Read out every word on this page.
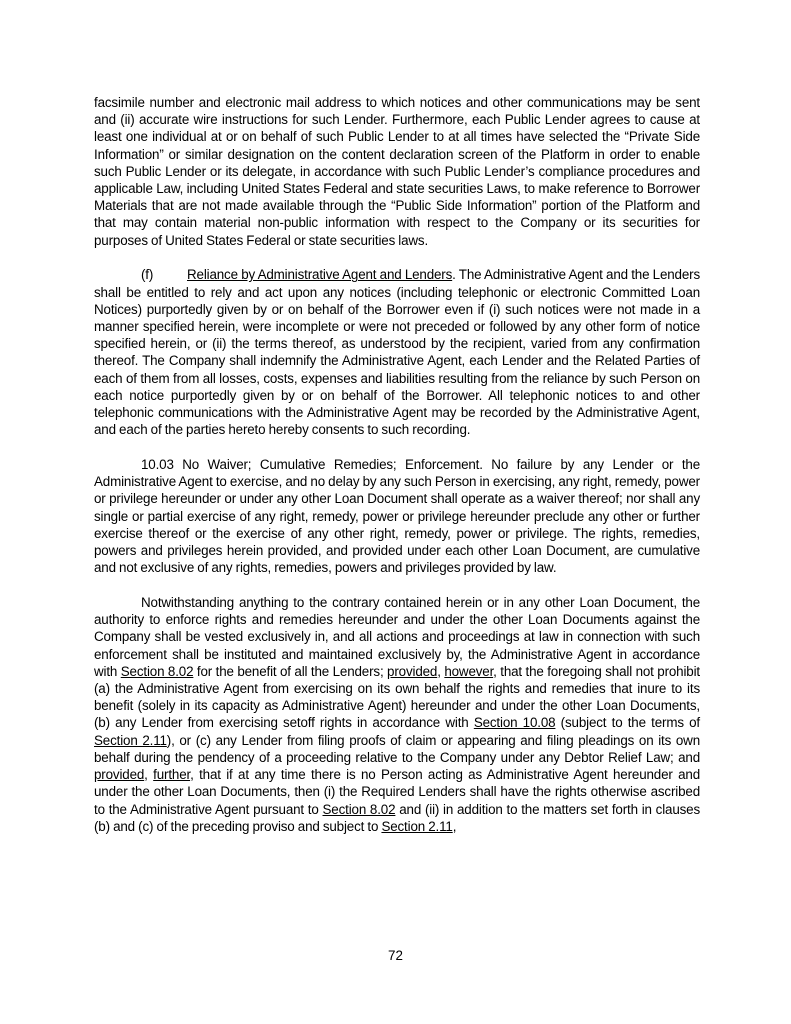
facsimile number and electronic mail address to which notices and other communications may be sent and (ii) accurate wire instructions for such Lender. Furthermore, each Public Lender agrees to cause at least one individual at or on behalf of such Public Lender to at all times have selected the “Private Side Information” or similar designation on the content declaration screen of the Platform in order to enable such Public Lender or its delegate, in accordance with such Public Lender’s compliance procedures and applicable Law, including United States Federal and state securities Laws, to make reference to Borrower Materials that are not made available through the “Public Side Information” portion of the Platform and that may contain material non-public information with respect to the Company or its securities for purposes of United States Federal or state securities laws.

(f)	Reliance by Administrative Agent and Lenders. The Administrative Agent and the Lenders shall be entitled to rely and act upon any notices (including telephonic or electronic Committed Loan Notices) purportedly given by or on behalf of the Borrower even if (i) such notices were not made in a manner specified herein, were incomplete or were not preceded or followed by any other form of notice specified herein, or (ii) the terms thereof, as understood by the recipient, varied from any confirmation thereof. The Company shall indemnify the Administrative Agent, each Lender and the Related Parties of each of them from all losses, costs, expenses and liabilities resulting from the reliance by such Person on each notice purportedly given by or on behalf of the Borrower. All telephonic notices to and other telephonic communications with the Administrative Agent may be recorded by the Administrative Agent, and each of the parties hereto hereby consents to such recording.

10.03 No Waiver; Cumulative Remedies; Enforcement. No failure by any Lender or the Administrative Agent to exercise, and no delay by any such Person in exercising, any right, remedy, power or privilege hereunder or under any other Loan Document shall operate as a waiver thereof; nor shall any single or partial exercise of any right, remedy, power or privilege hereunder preclude any other or further exercise thereof or the exercise of any other right, remedy, power or privilege. The rights, remedies, powers and privileges herein provided, and provided under each other Loan Document, are cumulative and not exclusive of any rights, remedies, powers and privileges provided by law.

Notwithstanding anything to the contrary contained herein or in any other Loan Document, the authority to enforce rights and remedies hereunder and under the other Loan Documents against the Company shall be vested exclusively in, and all actions and proceedings at law in connection with such enforcement shall be instituted and maintained exclusively by, the Administrative Agent in accordance with Section 8.02 for the benefit of all the Lenders; provided, however, that the foregoing shall not prohibit (a) the Administrative Agent from exercising on its own behalf the rights and remedies that inure to its benefit (solely in its capacity as Administrative Agent) hereunder and under the other Loan Documents, (b) any Lender from exercising setoff rights in accordance with Section 10.08 (subject to the terms of Section 2.11), or (c) any Lender from filing proofs of claim or appearing and filing pleadings on its own behalf during the pendency of a proceeding relative to the Company under any Debtor Relief Law; and provided, further, that if at any time there is no Person acting as Administrative Agent hereunder and under the other Loan Documents, then (i) the Required Lenders shall have the rights otherwise ascribed to the Administrative Agent pursuant to Section 8.02 and (ii) in addition to the matters set forth in clauses (b) and (c) of the preceding proviso and subject to Section 2.11,

72
